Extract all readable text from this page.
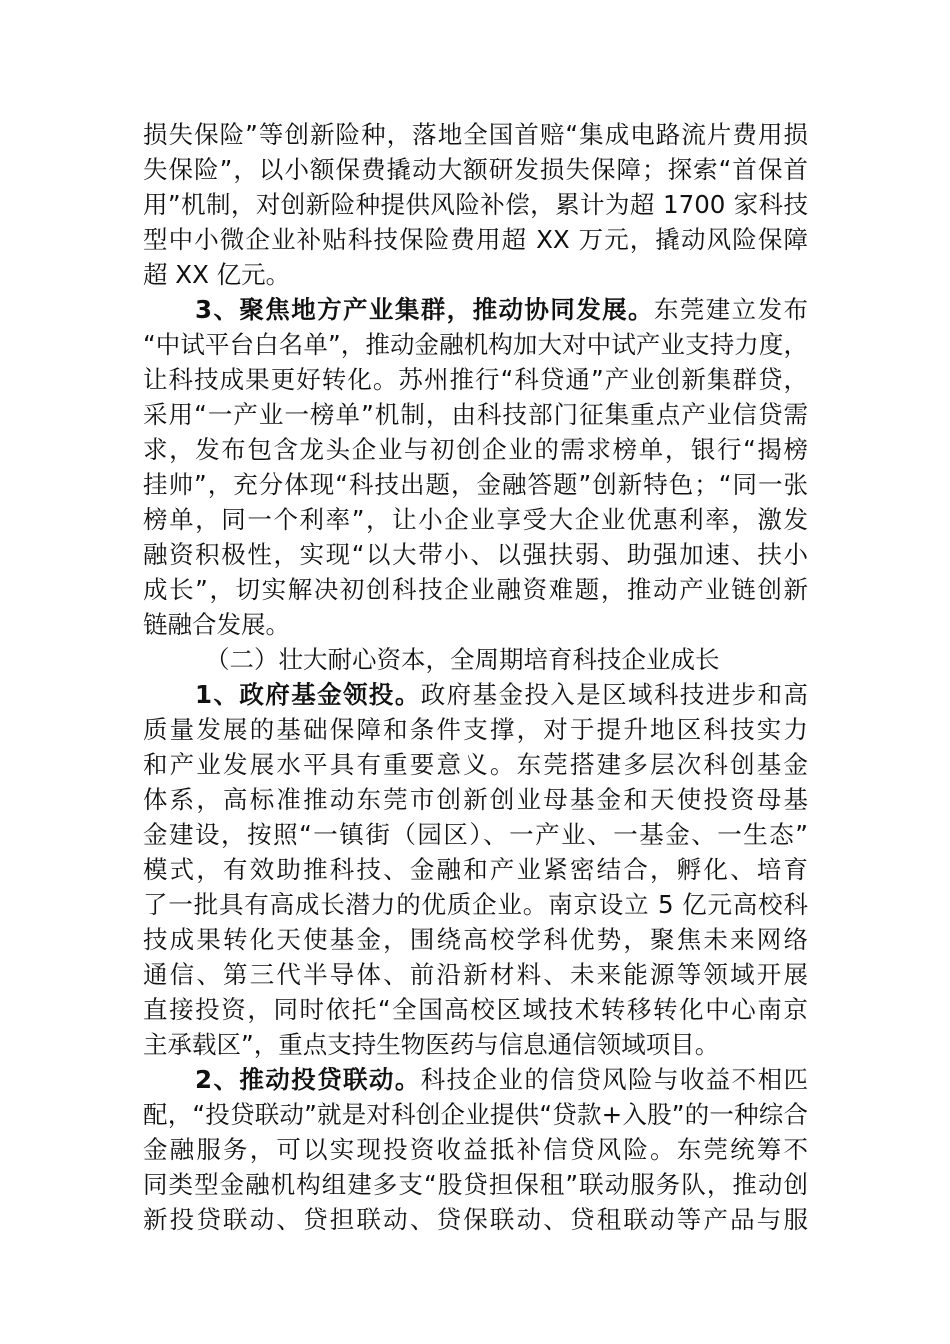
损失保险”等创新险种，落地全国首赔“集成电路流片费用损
失保险”，以小额保费撬动大额研发损失保障；探索“首保首
用”机制，对创新险种提供风险补偿，累计为超 1700 家科技
型中小微企业补贴科技保险费用超 XX 万元，撬动风险保障
超 XX 亿元。
3、聚焦地方产业集群，推动协同发展。东莞建立发布
“中试平台白名单”，推动金融机构加大对中试产业支持力度，
让科技成果更好转化。苏州推行“科贷通”产业创新集群贷，
采用“一产业一榜单”机制，由科技部门征集重点产业信贷需
求，发布包含龙头企业与初创企业的需求榜单，银行“揭榜
挂帅”，充分体现“科技出题，金融答题”创新特色；“同一张
榜单，同一个利率”，让小企业享受大企业优惠利率，激发
融资积极性，实现“以大带小、以强扶弱、助强加速、扶小
成长”，切实解决初创科技企业融资难题，推动产业链创新
链融合发展。
（二）壮大耐心资本，全周期培育科技企业成长
1、政府基金领投。政府基金投入是区域科技进步和高
质量发展的基础保障和条件支撑，对于提升地区科技实力
和产业发展水平具有重要意义。东莞搭建多层次科创基金
体系，高标准推动东莞市创新创业母基金和天使投资母基
金建设，按照“一镇街（园区）、一产业、一基金、一生态”
模式，有效助推科技、金融和产业紧密结合，孵化、培育
了一批具有高成长潜力的优质企业。南京设立 5 亿元高校科
技成果转化天使基金，围绕高校学科优势，聚焦未来网络
通信、第三代半导体、前沿新材料、未来能源等领域开展
直接投资，同时依托“全国高校区域技术转移转化中心南京
主承载区”，重点支持生物医药与信息通信领域项目。
2、推动投贷联动。科技企业的信贷风险与收益不相匹
配，“投贷联动”就是对科创企业提供“贷款+入股”的一种综合
金融服务，可以实现投资收益抵补信贷风险。东莞统筹不
同类型金融机构组建多支“股贷担保租”联动服务队，推动创
新投贷联动、贷担联动、贷保联动、贷租联动等产品与服
